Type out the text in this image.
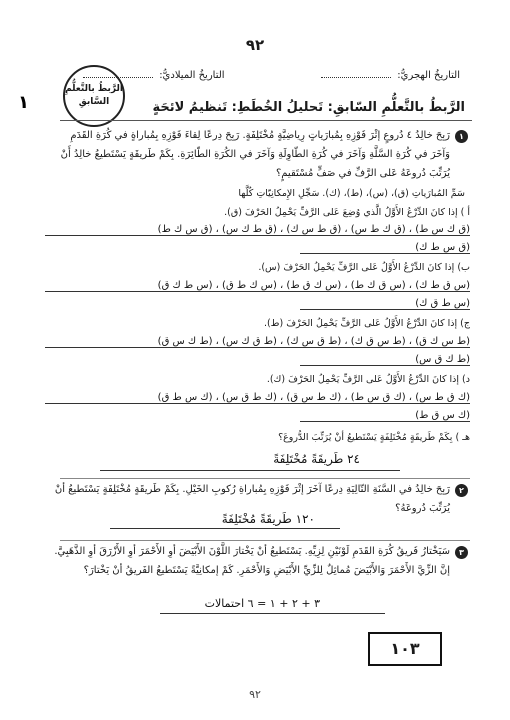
٩٢
التاريخُ الهجريُّ:
التاريخُ الميلاديُّ:
الرَّبطُ بالتَّعلُّمِ السَّابقِ
١	الرَّبطُ بالتَّعلُّمِ السّابقِ: تَحليلُ الخُطَطِ: تَنظيمُ لائحَةٍ
١
رَبِحَ خالِدُ ٤ دُروعٍ إثْرَ فَوْزِهِ بِمُبارَياتٍ رِياضِيَّةٍ مُخْتَلِفَةٍ. رَبِحَ دِرعًا لِقاءَ فَوْزِهِ بِمُباراةٍ في كُرَةِ القَدَمِ وَآخَرَ في كُرَةِ السَّلَّةِ وَآخَرَ في كُرَةِ الطّاوِلَةِ وَآخَرَ في الكُرَةِ الطّائِرَةِ. بِكَمْ طَريقَةٍ يَسْتَطيعُ خالِدُ أَنْ يُرَتِّبَ دُروعَهُ عَلى الرَّفِّ في صَفٍّ مُسْتَقيمٍ؟
سَمِّ المُبارَياتِ (ق)، (س)، (ط)، (ك). سَجِّلِ الإِمكانِيّاتِ كُلَّها
أ ) إذا كانَ الدِّرْعُ الأَوَّلُ الَّذي وُضِعَ عَلى الرَّفِّ يَحْمِلُ الحَرْفَ (ق).
(ق ك س ط) ، (ق ك ط س) ، (ق ط س ك) ، (ق ط ك س) ، (ق س ك ط)
(ق س ط ك)
ب) إذا كانَ الدِّرْعُ الأَوَّلُ عَلى الرَّفِّ يَحْمِلُ الحَرْفَ (س).
(س ق ط ك) ، (س ق ك ط) ، (س ك ق ط) ، (س ك ط ق) ، (س ط ك ق)
(س ط ق ك)
ج) إذا كانَ الدِّرْعُ الأَوَّلُ عَلى الرَّفِّ يَحْمِلُ الحَرْفَ (ط).
(ط س ك ق) ، (ط س ق ك) ، (ط ق س ك) ، (ط ق ك س) ، (ط ك س ق)
(ط ك ق س)
د) إذا كانَ الدِّرْعُ الأَوَّلُ عَلى الرَّفِّ يَحْمِلُ الحَرْفَ (ك).
(ك ق ط س) ، (ك ق س ط) ، (ك ط س ق) ، (ك ط ق س) ، (ك س ط ق)
(ك س ق ط)
هـ ) بِكَمْ طَريقَةٍ مُخْتَلِفَةٍ يَسْتَطيعُ أنْ يُرَتِّبَ الدُّروعَ؟
٢٤ طَريقَةً مُخْتَلِفَةً
٢
رَبِحَ خالِدُ في السَّنَةِ التّالِيَةِ دِرعًا آخَرَ إثْرَ فَوْزِهِ بِمُباراةِ رُكوبِ الخَيْلِ. بِكَمْ طَريقَةٍ مُخْتَلِفَةٍ يَسْتَطيعُ أنْ يُرَتِّبَ دُروعَهُ؟
١٢٠ طَريقَةً مُخْتَلِفَةً
٣
سَيَخْتارُ فَريقُ كُرَةِ القَدَمِ لَوْنَيْنِ لِزِيِّهِ. يَسْتَطيعُ أنْ يَخْتارَ اللَّوْنَ الأَبْيَضَ أوِ الأَحْمَرَ أوِ الأَزْرَقَ أوِ الذَّهَبِيَّ. إنَّ الزِّيَّ الأَحْمَرَ وَالأَبْيَضَ مُماثِلٌ لِلزِّيِّ الأَبْيَضِ وَالأَحْمَرِ. كَمْ إمكانِيَّةً يَسْتَطيعُ الفَريقُ أنْ يَخْتارَ؟
٣ + ٢ + ١ = ٦ احتمالات
١٠٣
٩٢
